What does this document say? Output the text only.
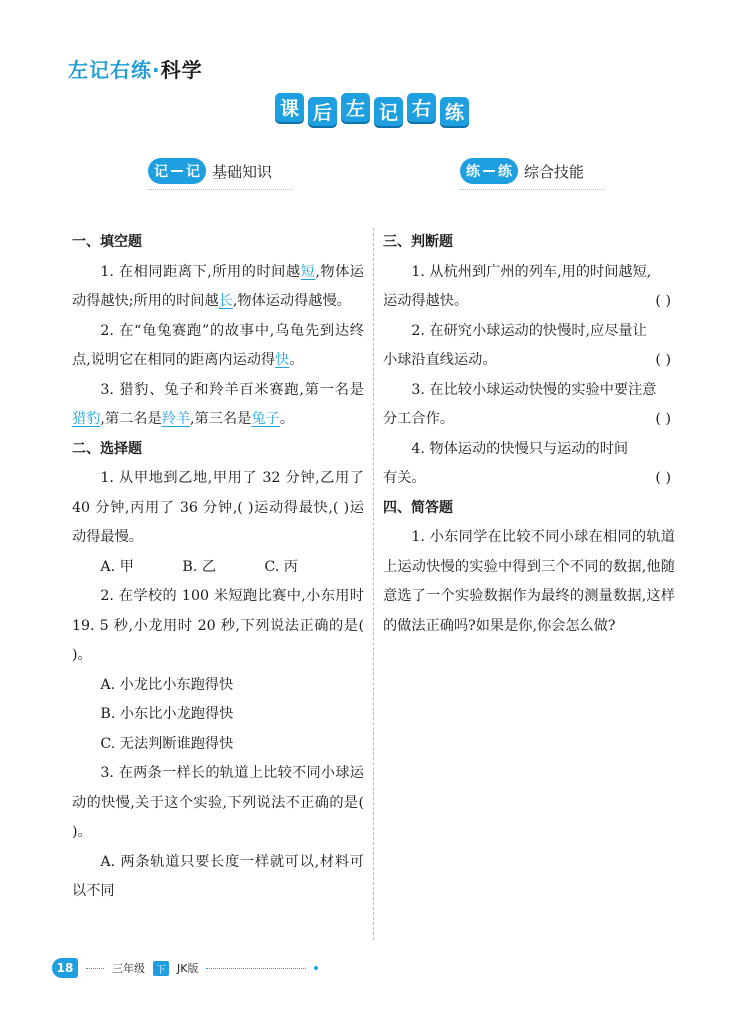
左记右练·科学
课 后 左 记 右 练
记 记 基础知识	练 练 综合技能
一、填空题

1. 在相同距离下,所用的时间越短,物体运动得越快;所用的时间越长,物体运动得越慢。

2. 在“龟兔赛跑”的故事中,乌龟先到达终点,说明它在相同的距离内运动得快。

3. 猎豹、兔子和羚羊百米赛跑,第一名是猎豹,第二名是羚羊,第三名是兔子。

二、选择题

1. 从甲地到乙地,甲用了 32 分钟,乙用了 40 分钟,丙用了 36 分钟,( )运动得最快,( )运动得最慢。

A. 甲	B. 乙	C. 丙

2. 在学校的 100 米短跑比赛中,小东用时 19. 5 秒,小龙用时 20 秒,下列说法正确的是( )。

A. 小龙比小东跑得快

B. 小东比小龙跑得快

C. 无法判断谁跑得快

3. 在两条一样长的轨道上比较不同小球运动的快慢,关于这个实验,下列说法不正确的是( )。

A. 两条轨道只要长度一样就可以,材料可以不同

三、判断题

1. 从杭州到广州的列车,用的时间越短,

运动得越快。	( )

2. 在研究小球运动的快慢时,应尽量让

小球沿直线运动。	( )

3. 在比较小球运动快慢的实验中要注意

分工合作。	( )

4. 物体运动的快慢只与运动的时间

有关。	( )

四、简答题

1. 小东同学在比较不同小球在相同的轨道上运动快慢的实验中得到三个不同的数据,他随意选了一个实验数据作为最终的测量数据,这样的做法正确吗?如果是你,你会怎么做?

18	三年级	下 JK版
